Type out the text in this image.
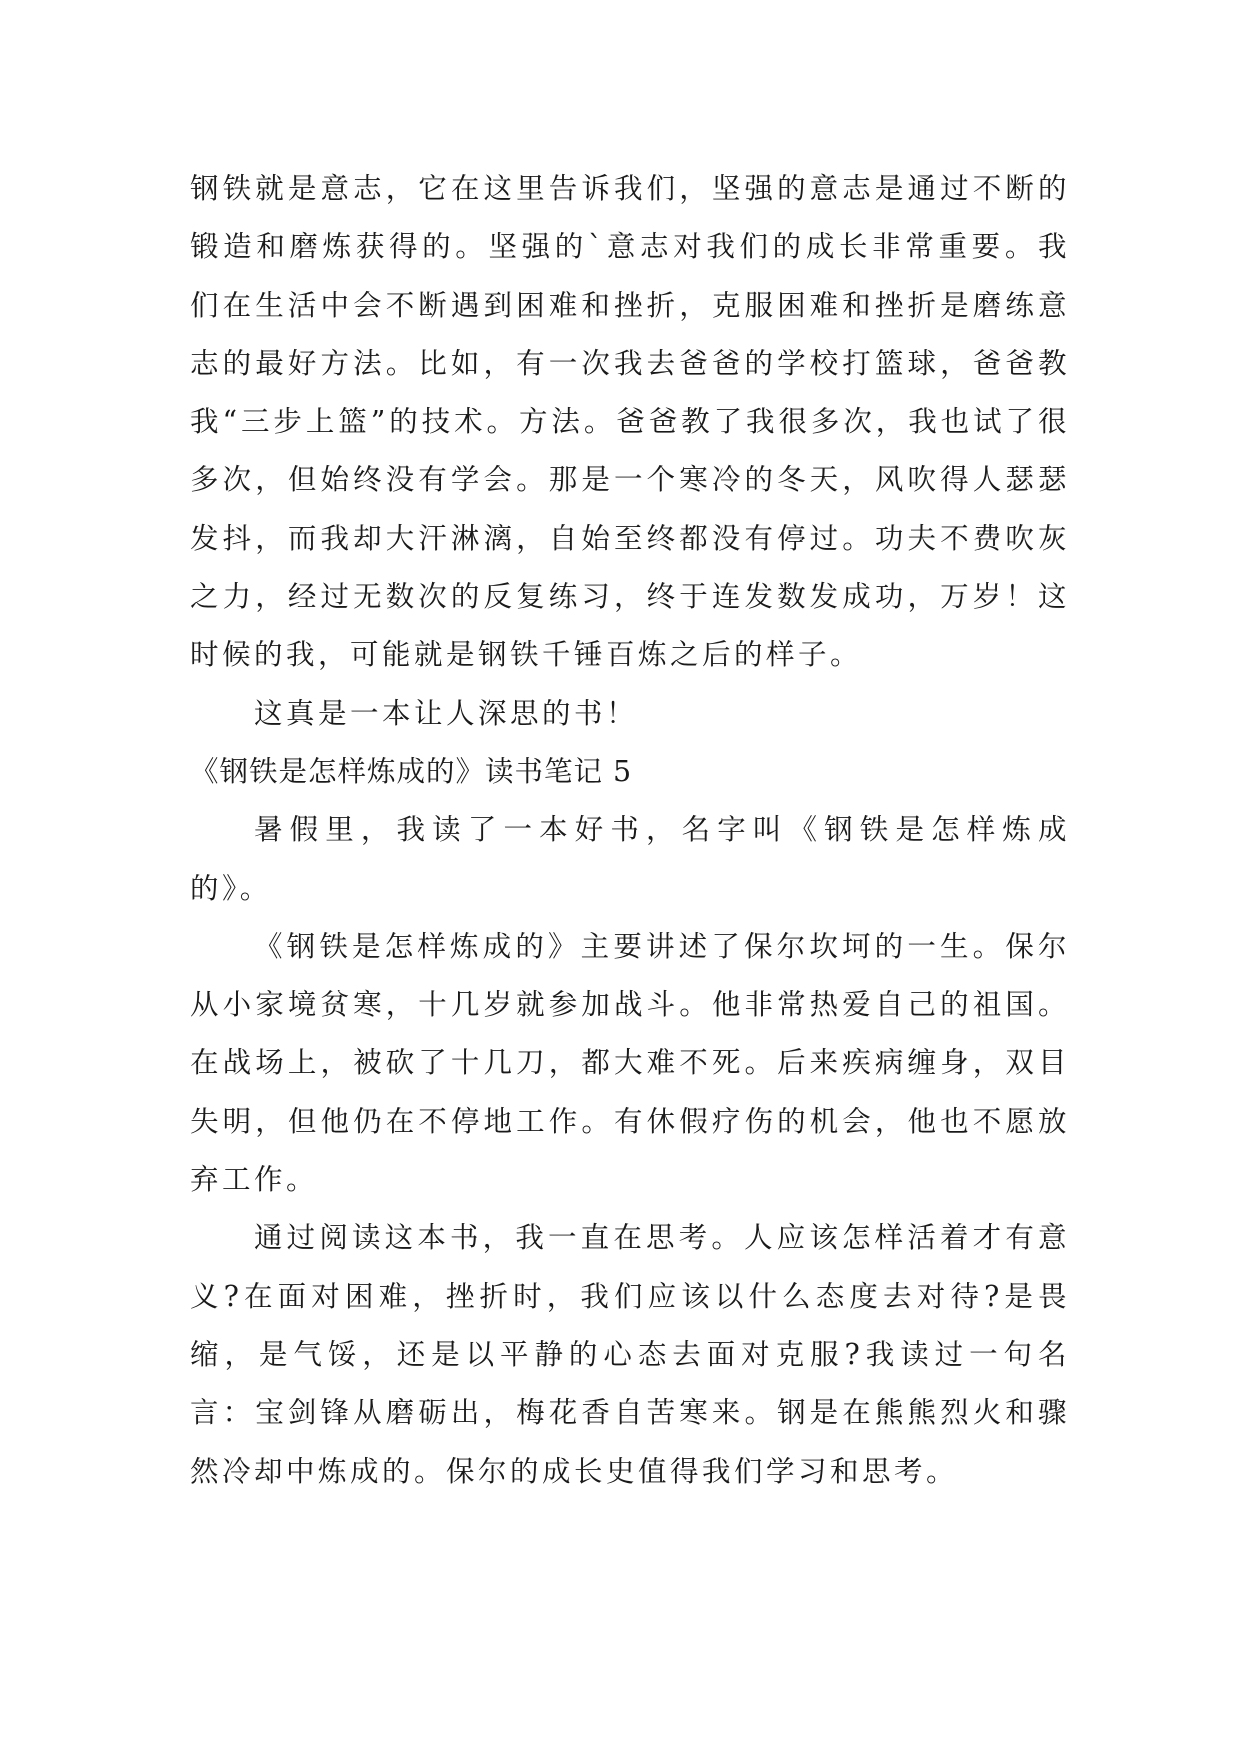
钢铁就是意志，它在这里告诉我们，坚强的意志是通过不断的锻造和磨炼获得的。坚强的`意志对我们的成长非常重要。我们在生活中会不断遇到困难和挫折，克服困难和挫折是磨练意志的最好方法。比如，有一次我去爸爸的学校打篮球，爸爸教我“三步上篮”的技术。方法。爸爸教了我很多次，我也试了很多次，但始终没有学会。那是一个寒冷的冬天，风吹得人瑟瑟发抖，而我却大汗淋漓，自始至终都没有停过。功夫不费吹灰之力，经过无数次的反复练习，终于连发数发成功，万岁！这时候的我，可能就是钢铁千锤百炼之后的样子。

这真是一本让人深思的书！

《钢铁是怎样炼成的》读书笔记 5

暑假里，我读了一本好书，名字叫《钢铁是怎样炼成的》。

《钢铁是怎样炼成的》主要讲述了保尔坎坷的一生。保尔从小家境贫寒，十几岁就参加战斗。他非常热爱自己的祖国。在战场上，被砍了十几刀，都大难不死。后来疾病缠身，双目失明，但他仍在不停地工作。有休假疗伤的机会，他也不愿放弃工作。

通过阅读这本书，我一直在思考。人应该怎样活着才有意义?在面对困难，挫折时，我们应该以什么态度去对待?是畏缩，是气馁，还是以平静的心态去面对克服?我读过一句名言：宝剑锋从磨砺出，梅花香自苦寒来。钢是在熊熊烈火和骤然冷却中炼成的。保尔的成长史值得我们学习和思考。
